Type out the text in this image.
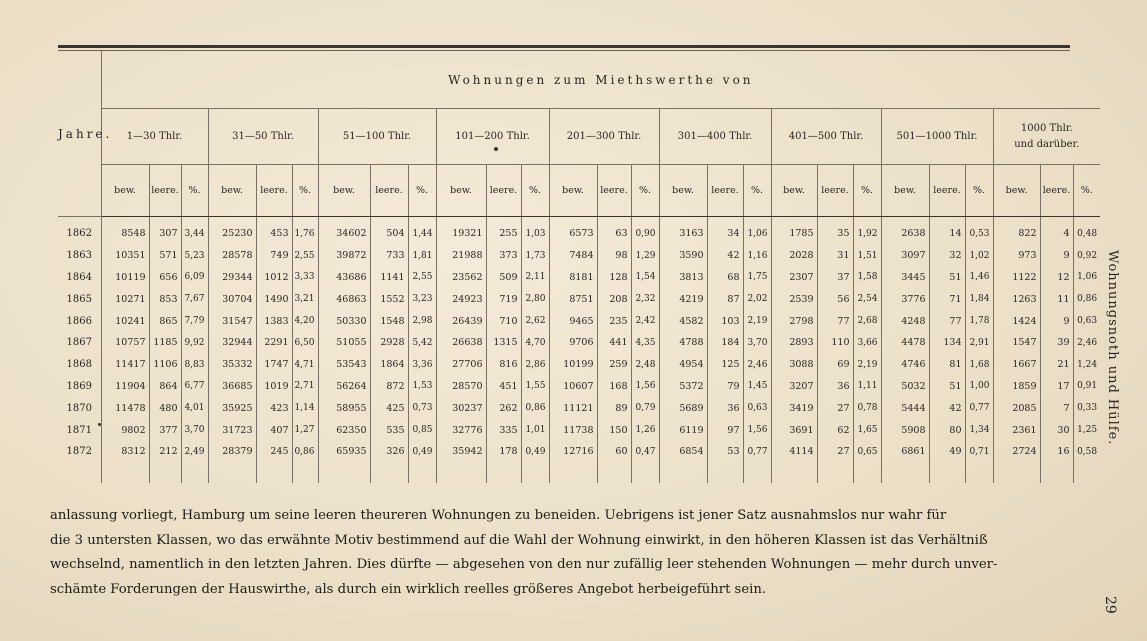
Jahre.	Wohnungen zum Miethswerthe von																										
	1—30 Thlr.			31—50 Thlr.			51—100 Thlr.			101—200 Thlr.			201—300 Thlr.			301—400 Thlr.			401—500 Thlr.			501—1000 Thlr.			1000 Thlr.
und darüber.		
	bew.	leere.	%.	bew.	leere.	%.	bew.	leere.	%.	bew.	leere.	%.	bew.	leere.	%.	bew.	leere.	%.	bew.	leere.	%.	bew.	leere.	%.	bew.	leere.	%.
1862	8548	307	3,44	25230	453	1,76	34602	504	1,44	19321	255	1,03	6573	63	0,90	3163	34	1,06	1785	35	1,92	2638	14	0,53	822	4	0,48
1863	10351	571	5,23	28578	749	2,55	39872	733	1,81	21988	373	1,73	7484	98	1,29	3590	42	1,16	2028	31	1,51	3097	32	1,02	973	9	0,92
1864	10119	656	6,09	29344	1012	3,33	43686	1141	2,55	23562	509	2,11	8181	128	1,54	3813	68	1,75	2307	37	1,58	3445	51	1,46	1122	12	1,06
1865	10271	853	7,67	30704	1490	3,21	46863	1552	3,23	24923	719	2,80	8751	208	2,32	4219	87	2,02	2539	56	2,54	3776	71	1,84	1263	11	0,86
1866	10241	865	7,79	31547	1383	4,20	50330	1548	2,98	26439	710	2,62	9465	235	2,42	4582	103	2,19	2798	77	2,68	4248	77	1,78	1424	9	0,63
1867	10757	1185	9,92	32944	2291	6,50	51055	2928	5,42	26638	1315	4,70	9706	441	4,35	4788	184	3,70	2893	110	3,66	4478	134	2,91	1547	39	2,46
1868	11417	1106	8,83	35332	1747	4,71	53543	1864	3,36	27706	816	2,86	10199	259	2,48	4954	125	2,46	3088	69	2,19	4746	81	1,68	1667	21	1,24
1869	11904	864	6,77	36685	1019	2,71	56264	872	1,53	28570	451	1,55	10607	168	1,56	5372	79	1,45	3207	36	1,11	5032	51	1,00	1859	17	0,91
1870	11478	480	4,01	35925	423	1,14	58955	425	0,73	30237	262	0,86	11121	89	0,79	5689	36	0,63	3419	27	0,78	5444	42	0,77	2085	7	0,33
1871	9802	377	3,70	31723	407	1,27	62350	535	0,85	32776	335	1,01	11738	150	1,26	6119	97	1,56	3691	62	1,65	5908	80	1,34	2361	30	1,25
1872	8312	212	2,49	28379	245	0,86	65935	326	0,49	35942	178	0,49	12716	60	0,47	6854	53	0,77	4114	27	0,65	6861	49	0,71	2724	16	0,58
anlassung vorliegt, Hamburg um seine leeren theureren Wohnungen zu beneiden. Uebrigens ist jener Satz ausnahmslos nur wahr für
die 3 untersten Klassen, wo das erwähnte Motiv bestimmend auf die Wahl der Wohnung einwirkt, in den höheren Klassen ist das Verhältniß
wechselnd, namentlich in den letzten Jahren. Dies dürfte — abgesehen von den nur zufällig leer stehenden Wohnungen — mehr durch unver-
schämte Forderungen der Hauswirthe, als durch ein wirklich reelles größeres Angebot herbeigeführt sein.
Wohnungsnoth und Hülfe.
29
